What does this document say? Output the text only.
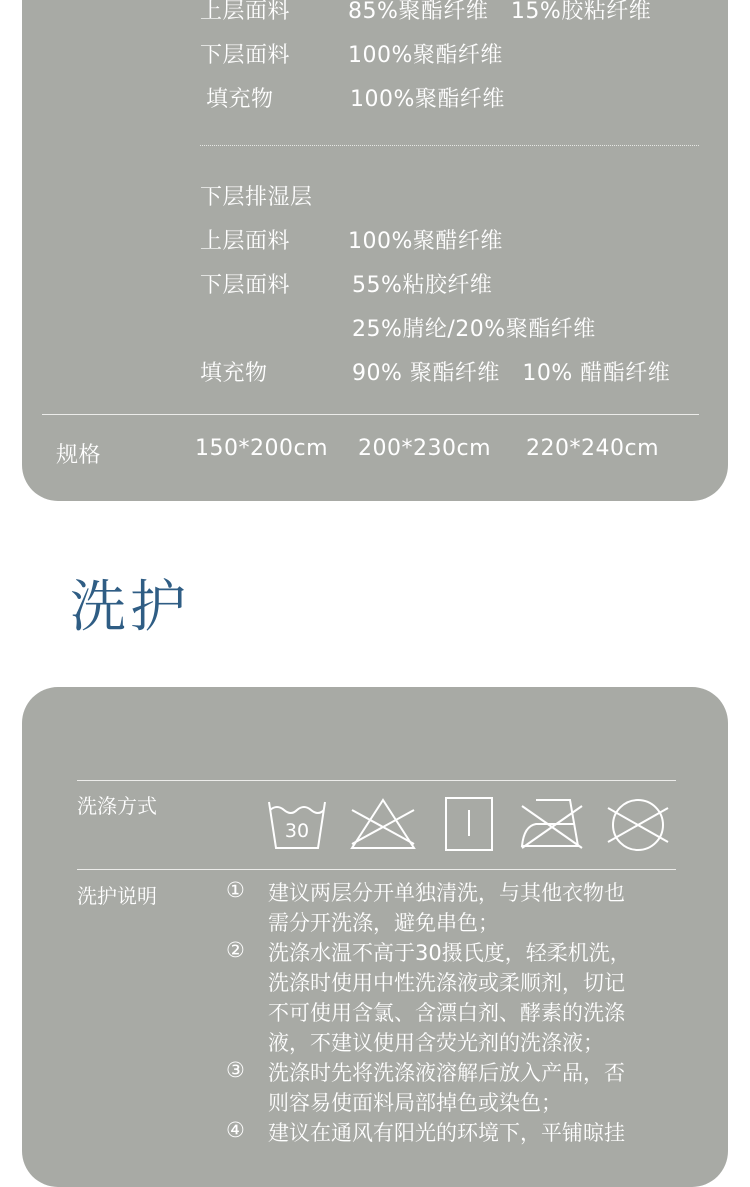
上层面料	85%聚酯纤维　15%胶粘纤维
下层面料	100%聚酯纤维
填充物	100%聚酯纤维
下层排湿层
上层面料	100%聚醋纤维
下层面料	55%粘胶纤维
25%腈纶/20%聚酯纤维
填充物	90% 聚酯纤维　10% 醋酯纤维
规格	150*200cm 200*230cm 220*240cm
洗护
洗涤方式
30
洗护说明	① 建议两层分开单独清洗，与其他衣物也
需分开洗涤，避免串色；
② 洗涤水温不高于30摄氏度，轻柔机洗，
洗涤时使用中性洗涤液或柔顺剂，切记
不可使用含氯、含漂白剂、酵素的洗涤
液，不建议使用含荧光剂的洗涤液；
③ 洗涤时先将洗涤液溶解后放入产品，否
则容易使面料局部掉色或染色；
④ 建议在通风有阳光的环境下，平铺晾挂
